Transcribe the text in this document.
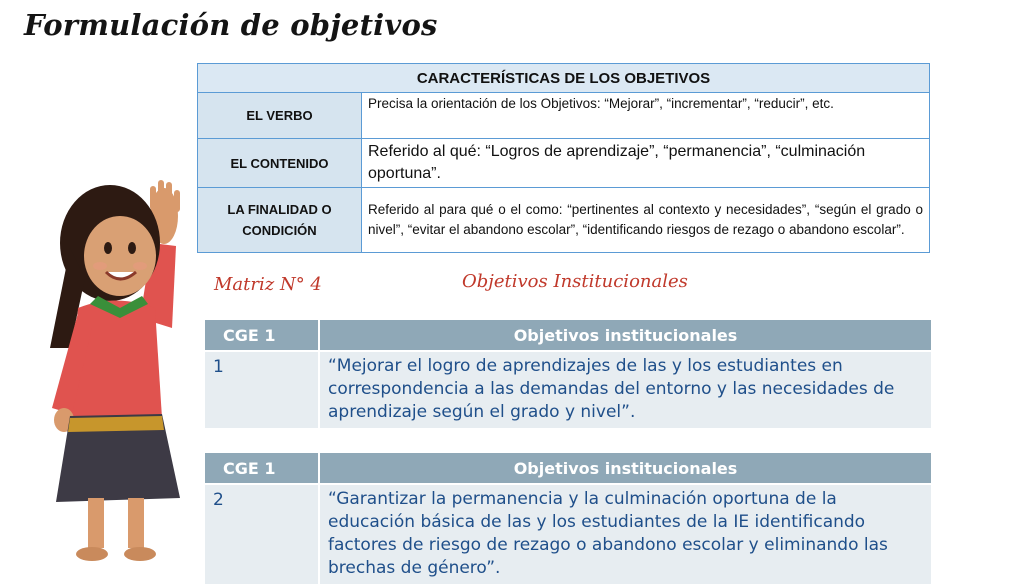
Formulación de objetivos
CARACTERÍSTICAS DE LOS OBJETIVOS	
EL VERBO	Precisa la orientación de los Objetivos: “Mejorar”, “incrementar”, “reducir”, etc.
EL CONTENIDO	Referido al qué: “Logros de aprendizaje”, “permanencia”, “culminación oportuna”.
LA FINALIDAD O CONDICIÓN	Referido al para qué o el como: “pertinentes al contexto y necesidades”, “según el grado o nivel”, “evitar el abandono escolar”, “identificando riesgos de rezago o abandono escolar”.
Matriz N° 4	Objetivos Institucionales
CGE 1	Objetivos institucionales
1	“Mejorar el logro de aprendizajes de las y los estudiantes en correspondencia a las demandas del entorno y las necesidades de aprendizaje según el grado y nivel”.
CGE 1	Objetivos institucionales
2	“Garantizar la permanencia y la culminación oportuna de la educación básica de las y los estudiantes de la IE identificando factores de riesgo de rezago o abandono escolar y eliminando las brechas de género”.
